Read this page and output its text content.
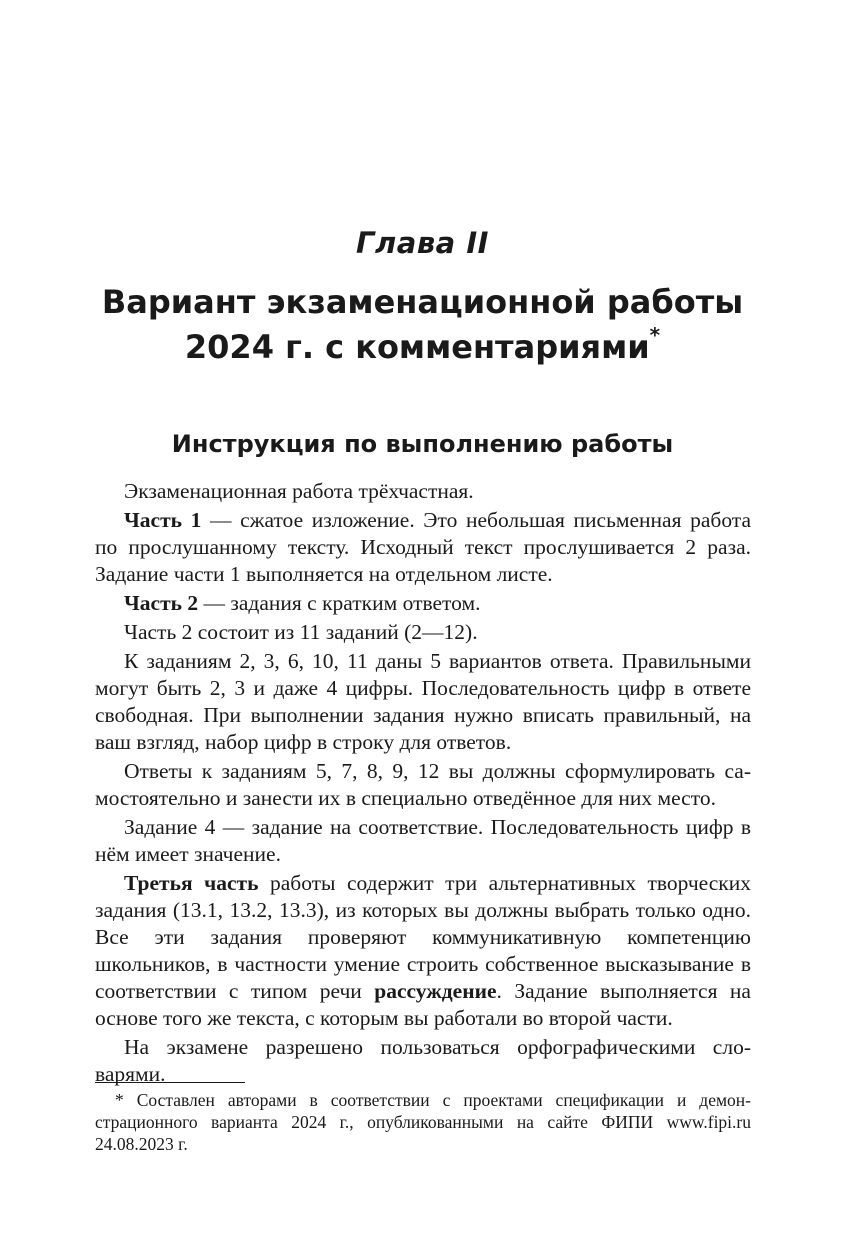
Глава II
Вариант экзаменационной работы
2024 г. с комментариями*
Инструкция по выполнению работы

Экзаменационная работа трёхчастная.

Часть 1 — сжатое изложение. Это небольшая письменная работа по прослушанному тексту. Исходный текст прослушивается 2 раза. Задание части 1 выполняется на отдельном листе.

Часть 2 — задания с кратким ответом.

Часть 2 состоит из 11 заданий (2—12).

К заданиям 2, 3, 6, 10, 11 даны 5 вариантов ответа. Правильными могут быть 2, 3 и даже 4 цифры. Последовательность цифр в ответе свободная. При выполнении задания нужно вписать правильный, на ваш взгляд, набор цифр в строку для ответов.

Ответы к заданиям 5, 7, 8, 9, 12 вы должны сформулировать самостоятельно и занести их в специально отведённое для них место.

Задание 4 — задание на соответствие. Последовательность цифр в нём имеет значение.

Третья часть работы содержит три альтернативных творческих задания (13.1, 13.2, 13.3), из которых вы должны выбрать только одно. Все эти задания проверяют коммуникативную компетенцию школьников, в частности умение строить собственное высказывание в соответствии с типом речи рассуждение. Задание выполняется на основе того же текста, с которым вы работали во второй части.

На экзамене разрешено пользоваться орфографическими словарями.

* Составлен авторами в соответствии с проектами спецификации и демонстрационного варианта 2024 г., опубликованными на сайте ФИПИ www.fipi.ru 24.08.2023 г.
